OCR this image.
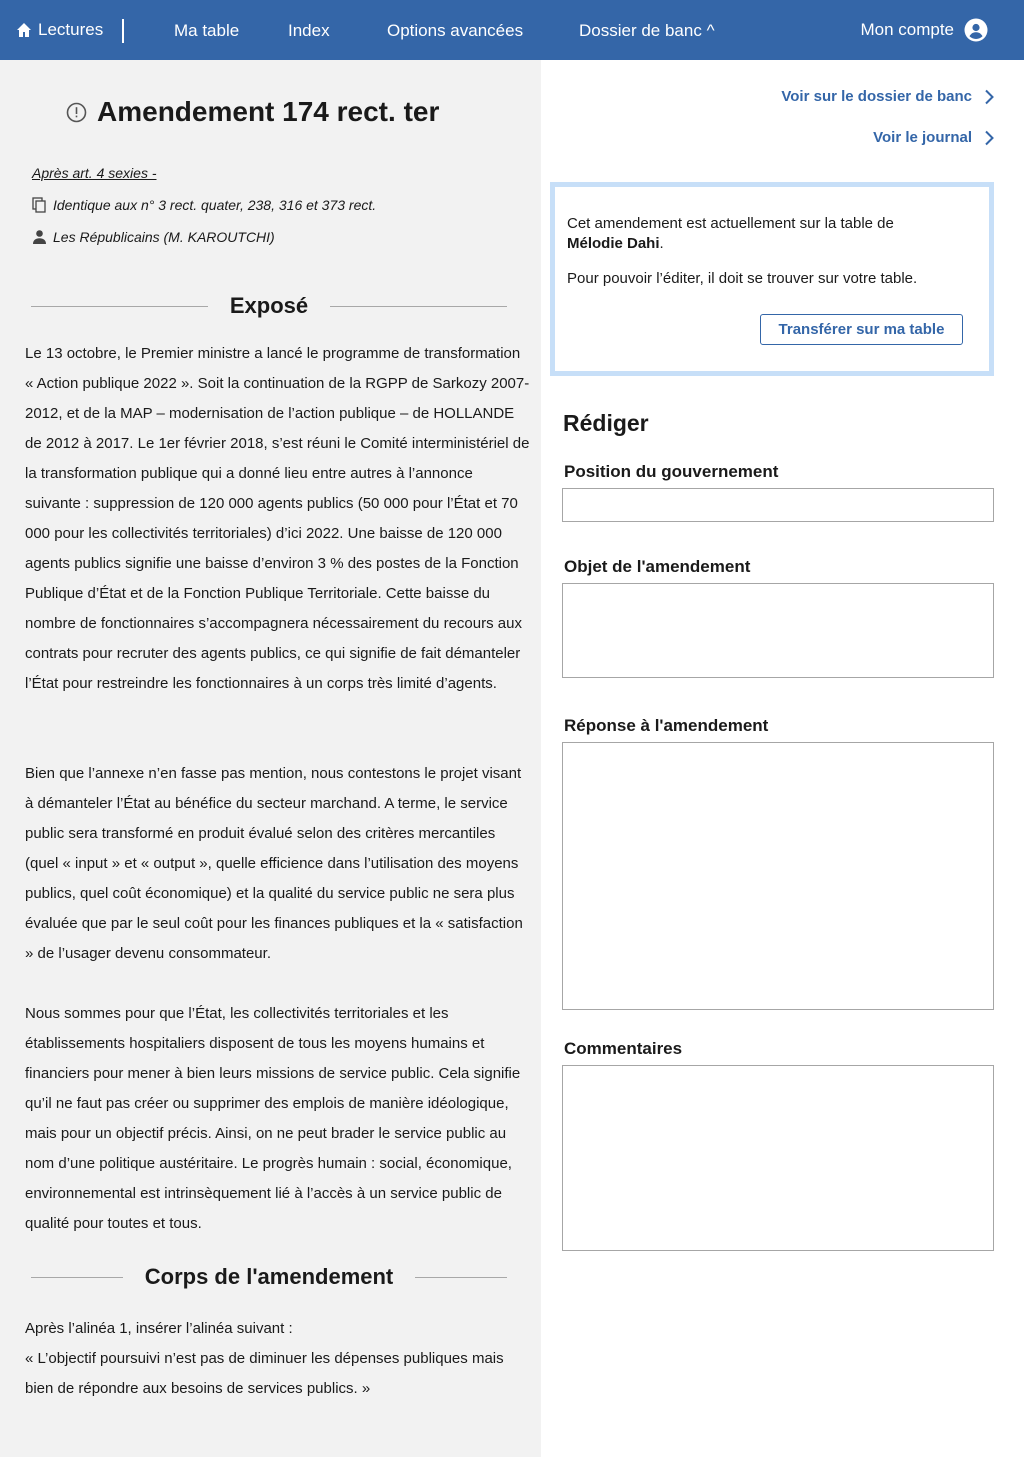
Lectures	Ma table	Index	Options avancées	Dossier de banc ^	Mon compte
Amendement 174 rect. ter
Après art. 4 sexies -
Identique aux n° 3 rect. quater, 238, 316 et 373 rect.
Les Républicains (M. KAROUTCHI)
Exposé

Le 13 octobre, le Premier ministre a lancé le programme de transformation « Action publique 2022 ». Soit la continuation de la RGPP de Sarkozy 2007-2012, et de la MAP – modernisation de l’action publique – de HOLLANDE de 2012 à 2017. Le 1er février 2018, s’est réuni le Comité interministériel de la transformation publique qui a donné lieu entre autres à l’annonce suivante : suppression de 120 000 agents publics (50 000 pour l’État et 70 000 pour les collectivités territoriales) d’ici 2022. Une baisse de 120 000 agents publics signifie une baisse d’environ 3 % des postes de la Fonction Publique d’État et de la Fonction Publique Territoriale. Cette baisse du nombre de fonctionnaires s’accompagnera nécessairement du recours aux contrats pour recruter des agents publics, ce qui signifie de fait démanteler l’État pour restreindre les fonctionnaires à un corps très limité d’agents.

Bien que l’annexe n’en fasse pas mention, nous contestons le projet visant à démanteler l’État au bénéfice du secteur marchand. A terme, le service public sera transformé en produit évalué selon des critères mercantiles (quel « input » et « output », quelle efficience dans l’utilisation des moyens publics, quel coût économique) et la qualité du service public ne sera plus évaluée que par le seul coût pour les finances publiques et la « satisfaction » de l’usager devenu consommateur.

Nous sommes pour que l’État, les collectivités territoriales et les établissements hospitaliers disposent de tous les moyens humains et financiers pour mener à bien leurs missions de service public. Cela signifie qu’il ne faut pas créer ou supprimer des emplois de manière idéologique, mais pour un objectif précis. Ainsi, on ne peut brader le service public au nom d’une politique austéritaire. Le progrès humain : social, économique, environnemental est intrinsèquement lié à l’accès à un service public de qualité pour toutes et tous.

Corps de l'amendement

Après l’alinéa 1, insérer l’alinéa suivant :

« L’objectif poursuivi n’est pas de diminuer les dépenses publiques mais bien de répondre aux besoins de services publics. »

Voir sur le dossier de banc
Voir le journal
Cet amendement est actuellement sur la table de
Mélodie Dahi.
Pour pouvoir l’éditer, il doit se trouver sur votre table.
Transférer sur ma table
Rédiger
Position du gouvernement
Objet de l'amendement
Réponse à l'amendement
Commentaires
